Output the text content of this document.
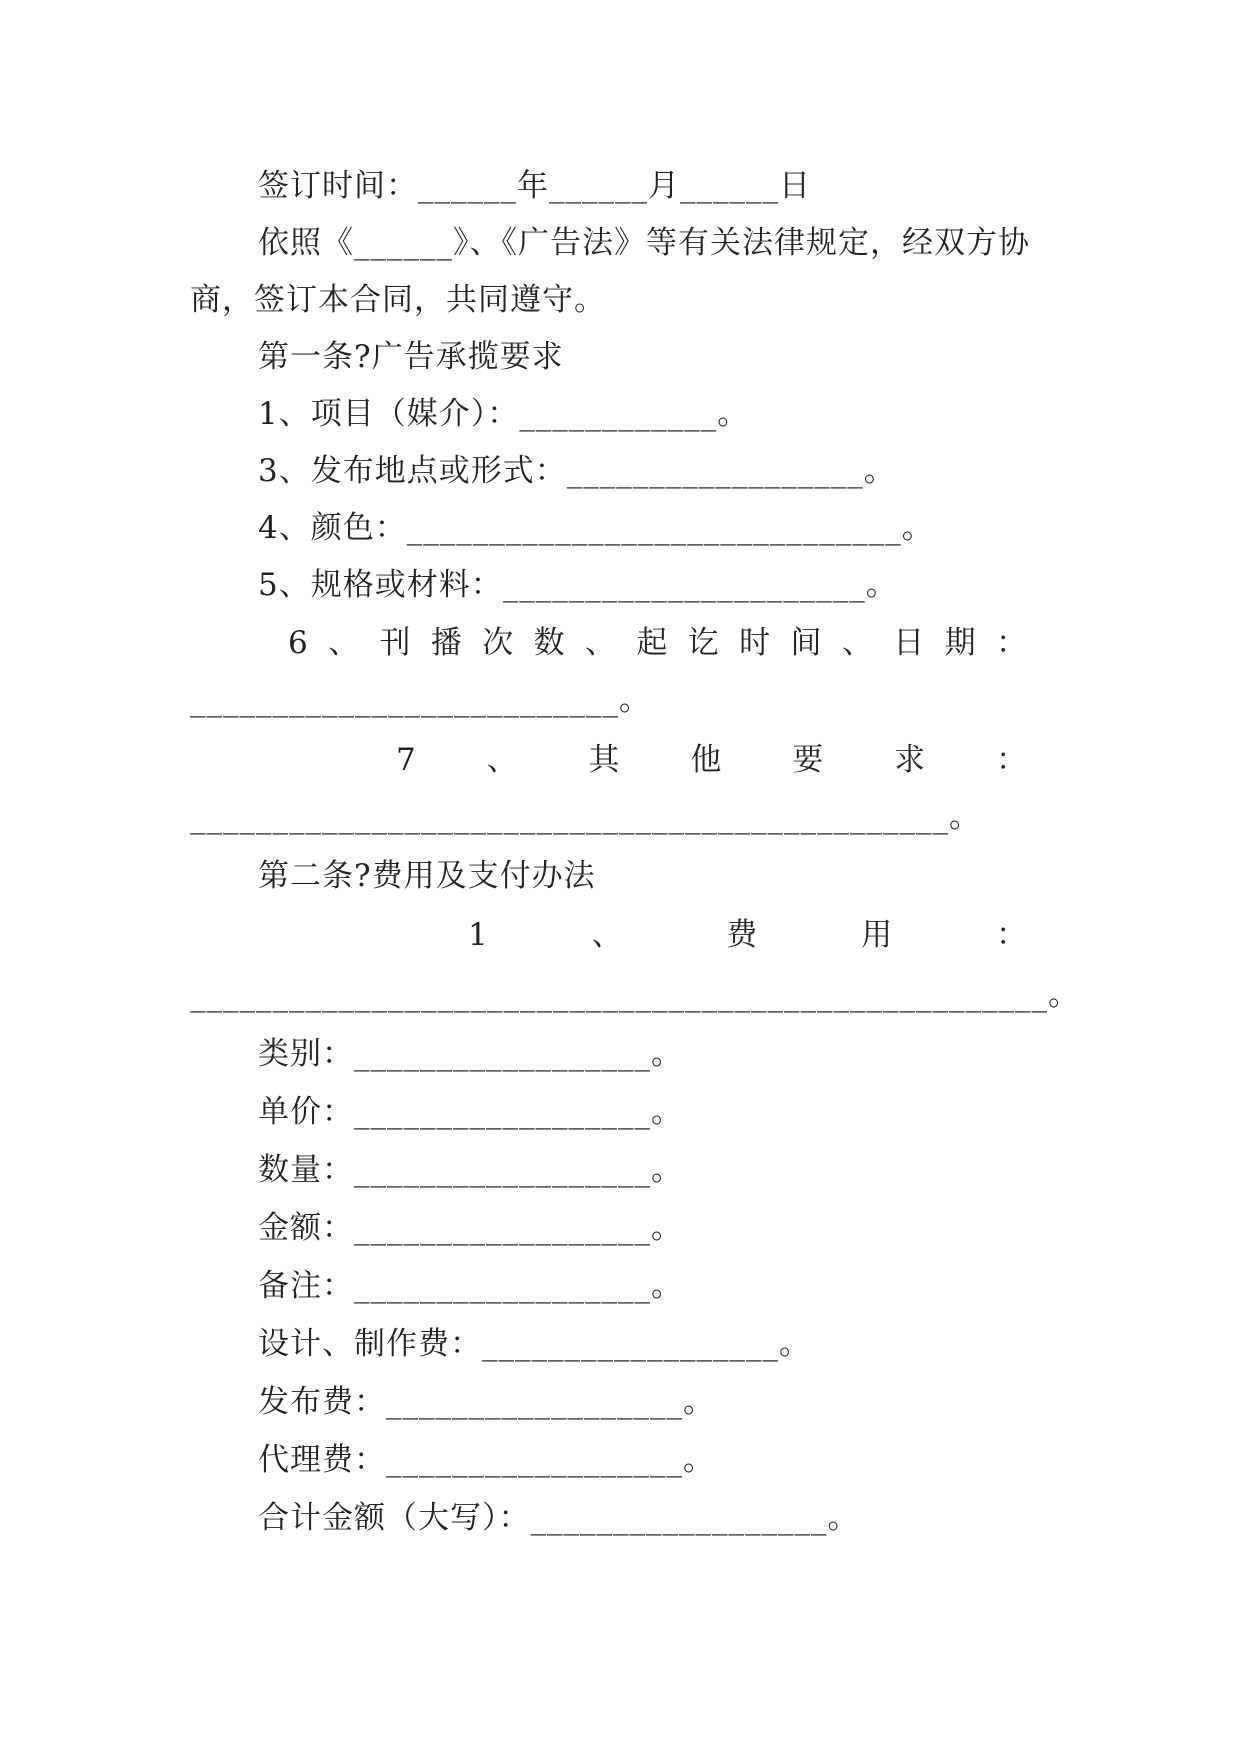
签订时间：______年______月______日
依照《______》、《广告法》等有关法律规定，经双方协
商，签订本合同，共同遵守。
第一条?广告承揽要求
1、项目（媒介）：____________。
3、发布地点或形式：__________________。
4、颜色：______________________________。
5、规格或材料：______________________。
6 、 刊 播 次 数 、 起 讫 时 间 、 日 期 ：
__________________________。
7 、 其 他 要 求 ：
______________________________________________。
第二条?费用及支付办法
1	、	费	用	：
____________________________________________________。
类别：__________________。
单价：__________________。
数量：__________________。
金额：__________________。
备注：__________________。
设计、制作费：__________________。
发布费：__________________。
代理费：__________________。
合计金额（大写）：__________________。
